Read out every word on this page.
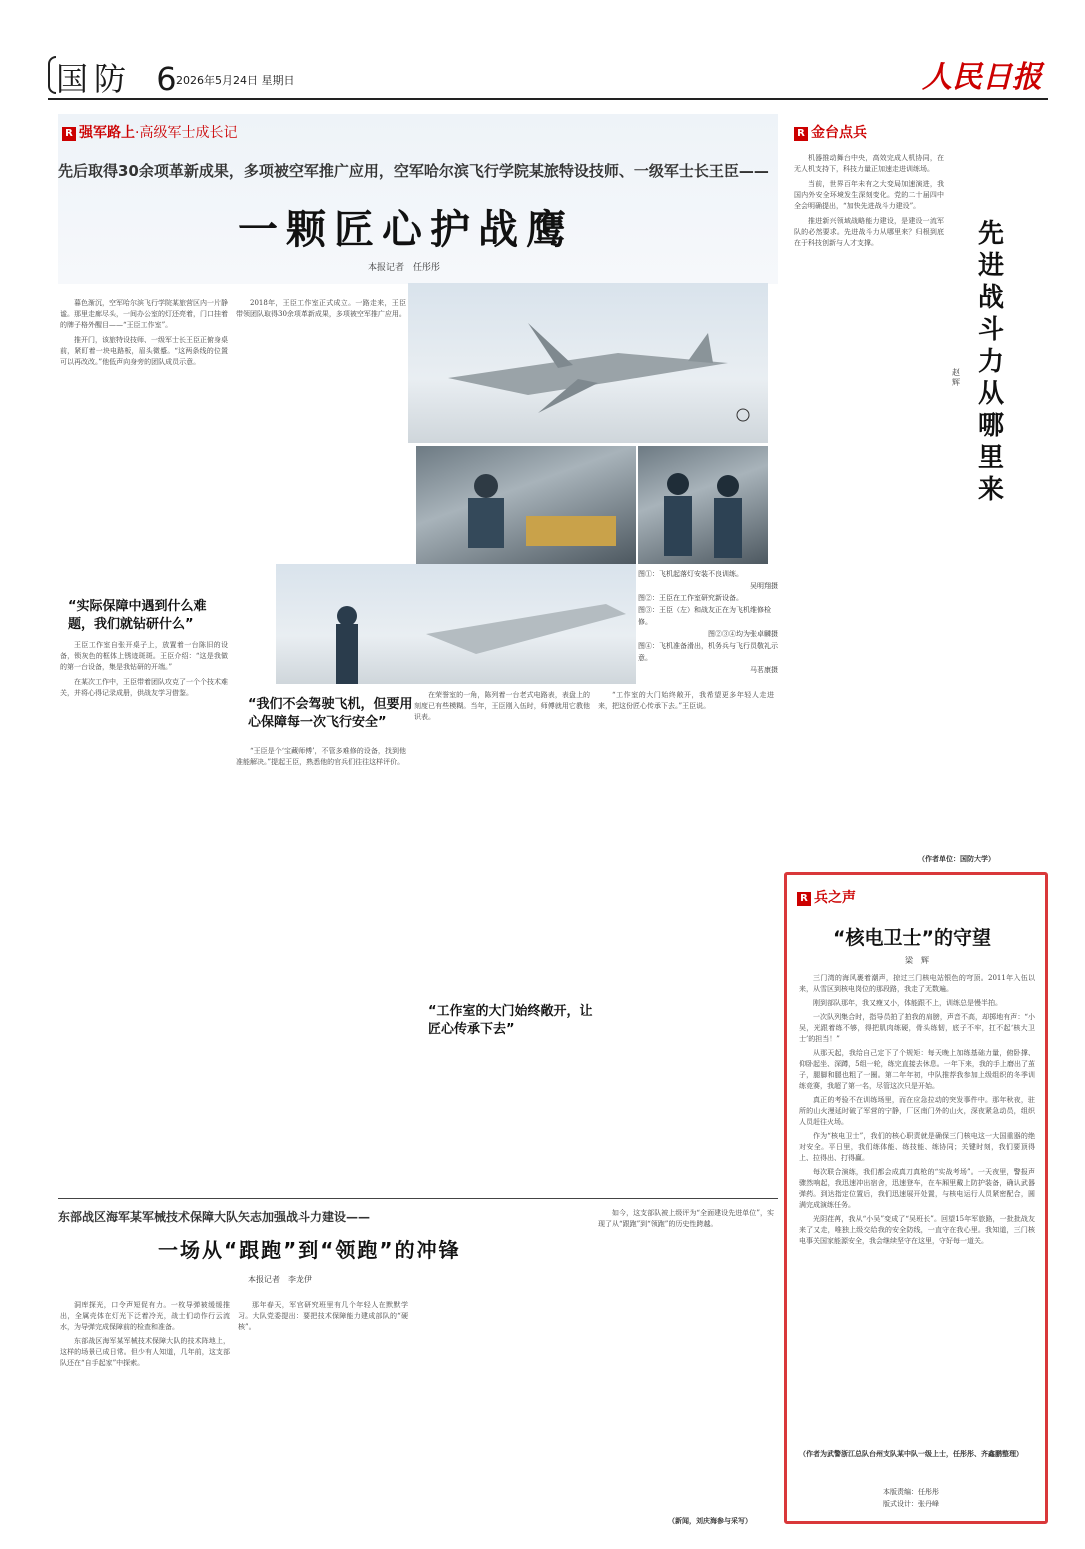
国防 6
2026年5月24日 星期日	人民日报
R 强军路上·高级军士成长记
先后取得30余项革新成果，多项被空军推广应用，空军哈尔滨飞行学院某旅特设技师、一级军士长王臣——
一颗匠心护战鹰
本报记者　任彤彤
图①：飞机起落灯安装不良训练。
吴明翔摄
图②：王臣在工作室研究新设备。
图③：王臣（左）和战友正在为飞机维修检修。
图②③④均为张卓麟摄
图④：飞机准备滑出，机务兵与飞行员敬礼示意。
马茗康摄

暮色渐沉，空军哈尔滨飞行学院某旅营区内一片静谧。那里走廊尽头，一间办公室的灯还亮着，门口挂着的牌子格外醒目——“王臣工作室”。

推开门，该旅特设技师、一级军士长王臣正俯身桌前，紧盯着一块电路板，眉头微蹙。“这两条线的位置可以再改改。”他低声向身旁的团队成员示意。

“实际保障中遇到什么难题，我们就钻研什么”

王臣工作室自张开桌子上，放置着一台陈旧的设备，锁灰色的框体上锈迹斑斑。王臣介绍：“这是我做的第一台设备，集是我钻研的开端。”

在某次工作中，王臣带着团队攻克了一个个技术难关，并将心得记录成册，供战友学习借鉴。

2018年，王臣工作室正式成立。一路走来，王臣带领团队取得30余项革新成果，多项被空军推广应用。

“我们不会驾驶飞机，但要用心保障每一次飞行安全”

“王臣是个‘宝藏师傅’，不管多难修的设备，找到他准能解决。”提起王臣，熟悉他的官兵们往往这样评价。

在荣誉室的一角，陈列着一台老式电路表，表盘上的刻度已有些模糊。当年，王臣刚入伍时，师傅就用它教他识表。

“工作室的大门始终敞开，让匠心传承下去”

“工作室的大门始终敞开，我希望更多年轻人走进来，把这份匠心传承下去。”王臣说。

R 金台点兵
先进战斗力从哪里来
赵　辉

机器推动舞台中央，高效完成人机协同，在无人机支持下，科技力量正加速走进训练场。

当前，世界百年未有之大变局加速演进，我国内外安全环境发生深刻变化。党的二十届四中全会明确提出，“加快先进战斗力建设”。

推进新兴领域战略能力建设，是建设一流军队的必然要求。先进战斗力从哪里来？归根到底在于科技创新与人才支撑。

（作者单位：国防大学）
R 兵之声
“核电卫士”的守望
梁　辉

三门湾的海风裹着潮声，掠过三门核电站银色的穹顶。2011年入伍以来，从雪区到核电岗位的那段路，我走了无数遍。

刚到部队那年，我又瘦又小，体能跟不上，训练总是慢半拍。

一次队列集合时，指导员拍了拍我的肩膀，声音不高，却掷地有声：“小吴，光跟着练不够，得把肌肉练硬，骨头练韧，底子不牢，扛不起‘核大卫士’的担当！”

从那天起，我给自己定下了个规矩：每天晚上加练基础力量，俯卧撑、仰卧起坐、深蹲，5组一轮，练完直接去休息。一年下来，我的手上磨出了茧子，腿脚和腿也粗了一圈。第二年年初，中队推荐我参加上级组织的冬季训练竞赛，我超了第一名，尽管这次只是开始。

真正的考验不在训练场里，而在应急拉动的突发事件中。那年秋夜，驻所的山火漫延时破了军营的宁静，厂区南门外的山火，深夜紧急动员，组织人员赶往火场。

作为“核电卫士”，我们的核心职责就是确保三门核电这一大国重器的绝对安全。平日里，我们练体能、练技能、练协同；关键时刻，我们要顶得上、拉得出、打得赢。

每次联合演练，我们都会成真刀真枪的“实战考场”。一天夜里，警报声骤然响起，我迅速冲出宿舍，迅速登车，在车厢里戴上防护装备，确认武器弹药。到达指定位置后，我们迅速展开处置，与核电运行人员紧密配合，圆满完成演练任务。

光阴荏苒，我从“小吴”变成了“吴班长”。回望15年军旅路，一批批战友来了又走，唯独上级交给我的安全防线，一直守在我心里。我知道，三门核电事关国家能源安全，我会继续坚守在这里，守好每一道关。

（作者为武警浙江总队台州支队某中队一级上士，任彤彤、齐鑫鹏整理）
本版责编：任彤彤
版式设计：张丹峰
东部战区海军某军械技术保障大队矢志加强战斗力建设——
一场从“跟跑”到“领跑”的冲锋
本报记者　李龙伊

洞库探光，口令声短促有力。一枚导弹被缓缓推出，全属壳体在灯光下泛着冷光，战士们动作行云流水，为导弹完成保障前的检查和准备。

东部战区海军某军械技术保障大队的技术阵地上，这样的场景已成日常。但少有人知道，几年前，这支部队还在“自手起家”中探索。

那年春天，军官研究班里有几个年轻人在默默学习。大队党委提出：要把技术保障能力建成部队的“硬核”。

如今，这支部队被上级评为“全面建设先进单位”，实现了从“跟跑”到“领跑”的历史性跨越。

（新闻，刘庆海参与采写）
